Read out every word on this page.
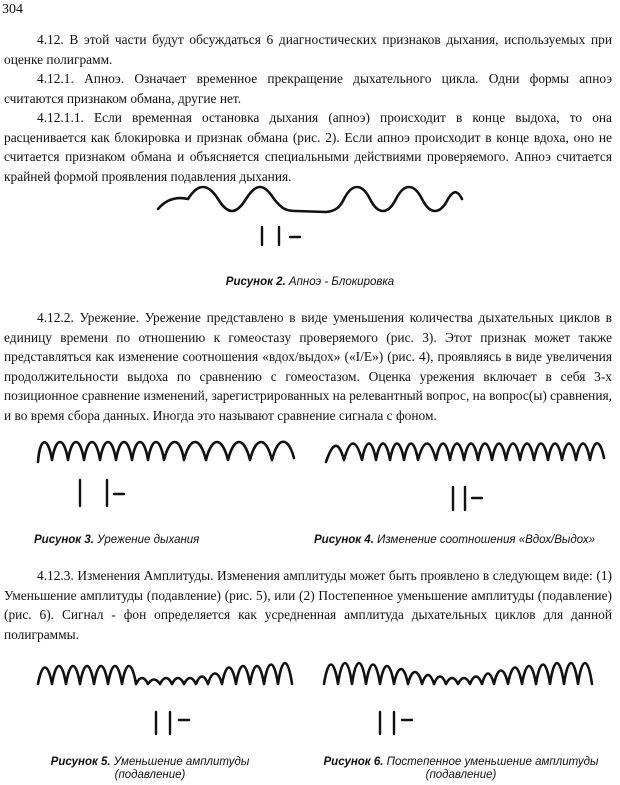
304

4.12. В этой части будут обсуждаться 6 диагностических признаков дыхания, используемых при оценке полиграмм.

4.12.1. Апноэ. Означает временное прекращение дыхательного цикла. Одни формы апноэ считаются признаком обмана, другие нет.

4.12.1.1. Если временная остановка дыхания (апноэ) происходит в конце выдоха, то она расценивается как блокировка и признак обмана (рис. 2). Если апноэ происходит в конце вдоха, оно не считается признаком обмана и объясняется специальными действиями проверяемого. Апноэ считается крайней формой проявления подавления дыхания.

Рисунок 2. Апноэ - Блокировка

4.12.2. Урежение. Урежение представлено в виде уменьшения количества дыхательных циклов в единицу времени по отношению к гомеостазу проверяемого (рис. 3). Этот признак может также представляться как изменение соотношения «вдох/выдох» («I/E») (рис. 4), проявляясь в виде увеличения продолжительности выдоха по сравнению с гомеостазом. Оценка урежения включает в себя 3-х позиционное сравнение изменений, зарегистрированных на релевантный вопрос, на вопрос(ы) сравнения, и во время сбора данных. Иногда это называют сравнение сигнала с фоном.

Рисунок 3. Урежение дыхания	Рисунок 4. Изменение соотношения «Вдох/Выдох»

4.12.3. Изменения Амплитуды. Изменения амплитуды может быть проявлено в следующем виде: (1) Уменьшение амплитуды (подавление) (рис. 5), или (2) Постепенное уменьшение амплитуды (подавление) (рис. 6). Сигнал - фон определяется как усредненная амплитуда дыхательных циклов для данной полиграммы.

Рисунок 5. Уменьшение амплитуды
(подавление)
Рисунок 6. Постепенное уменьшение амплитуды
(подавление)
